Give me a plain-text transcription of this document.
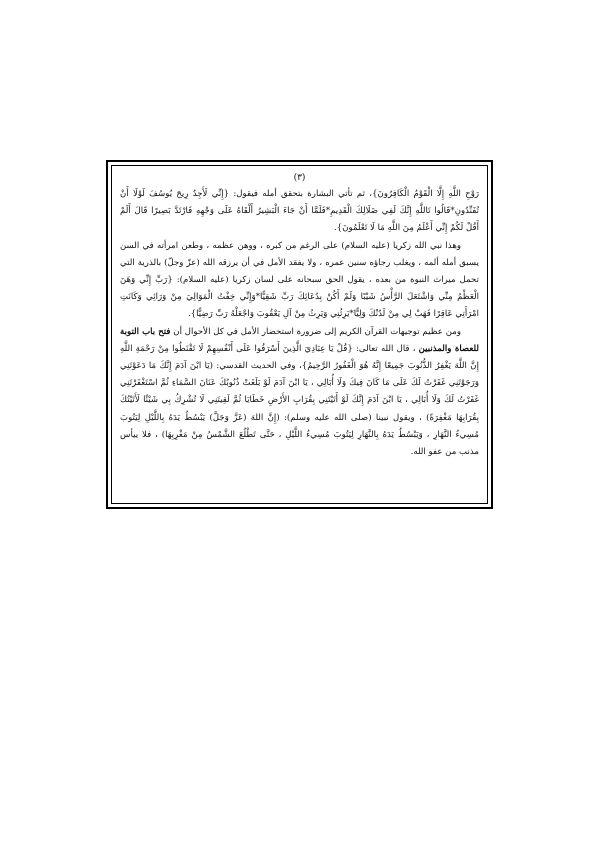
(٣)

رَوْحِ اللَّهِ إِلَّا الْقَوْمُ الْكَافِرُونَ}، ثم تأتي البشارة بتحقق أمله فيقول: {إِنِّي لَأَجِدُ رِيحَ يُوسُفَ لَوْلَا أَنْ تُفَنِّدُونِ*قَالُوا تَاللَّهِ إِنَّكَ لَفِي ضَلَالِكَ الْقَدِيمِ*فَلَمَّا أَنْ جَاءَ الْبَشِيرُ أَلْقَاهُ عَلَى وَجْهِهِ فَارْتَدَّ بَصِيرًا قَالَ أَلَمْ أَقُلْ لَكُمْ إِنِّي أَعْلَمُ مِنَ اللَّهِ مَا لَا تَعْلَمُونَ}.

وهذا نبي الله زكريا (عليه السلام) على الرغم من كبره ، ووهن عظمه ، وطعن امرأته في السن يسبق أمله ألمه ، ويغلب رجاؤه سنين عمره ، ولا يفقد الأمل في أن يرزقه الله (عزّ وجلّ) بالذرية التي تحمل ميراث النبوة من بعده ، يقول الحق سبحانه على لسان زكريا (عليه السلام): {رَبِّ إِنِّي وَهَنَ الْعَظْمُ مِنِّي وَاشْتَعَلَ الرَّأْسُ شَيْبًا وَلَمْ أَكُنْ بِدُعَائِكَ رَبِّ شَقِيًّا*وَإِنِّي خِفْتُ الْمَوَالِيَ مِنْ وَرَائِي وَكَانَتِ امْرَأَتِي عَاقِرًا فَهَبْ لِي مِنْ لَدُنْكَ وَلِيًّا*يَرِثُنِي وَيَرِثُ مِنْ آلِ يَعْقُوبَ وَاجْعَلْهُ رَبِّ رَضِيًّا}.

ومن عظيم توجيهات القرآن الكريم إلى ضرورة استحضار الأمل في كل الأحوال أن فتح باب التوبة للعصاة والمذنبين ، قال الله تعالى: {قُلْ يَا عِبَادِيَ الَّذِينَ أَسْرَفُوا عَلَى أَنْفُسِهِمْ لَا تَقْنَطُوا مِنْ رَحْمَةِ اللَّهِ إِنَّ اللَّهَ يَغْفِرُ الذُّنُوبَ جَمِيعًا إِنَّهُ هُوَ الْغَفُورُ الرَّحِيمُ}، وفي الحديث القدسي: (يَا ابْنَ آدَمَ إِنَّكَ مَا دَعَوْتَنِي وَرَجَوْتَنِي غَفَرْتُ لَكَ عَلَى مَا كَانَ فِيكَ وَلَا أُبَالِي ، يَا ابْنَ آدَمَ لَوْ بَلَغَتْ ذُنُوبُكَ عَنَانَ السَّمَاءِ ثُمَّ اسْتَغْفَرْتَنِي غَفَرْتُ لَكَ وَلَا أُبَالِي ، يَا ابْنَ آدَمَ إِنَّكَ لَوْ أَتَيْتَنِي بِقُرَابِ الأَرْضِ خَطَايَا ثُمَّ لَقِيتَنِي لَا تُشْرِكُ بِي شَيْئًا لَأَتَيْتُكَ بِقُرَابِهَا مَغْفِرَةً) ، ويقول نبينا (صلى الله عليه وسلم): (إِنَّ اللهَ (عَزَّ وَجَلَّ) يَبْسُطُ يَدَهُ بِاللَّيْلِ لِيَتُوبَ مُسِيءُ النَّهَارِ ، وَيَبْسُطُ يَدَهُ بِالنَّهَارِ لِيَتُوبَ مُسِيءُ اللَّيْلِ ، حَتَّى تَطْلُعَ الشَّمْسُ مِنْ مَغْرِبِهَا) ، فلا ييأس مذنب من عفو الله.
